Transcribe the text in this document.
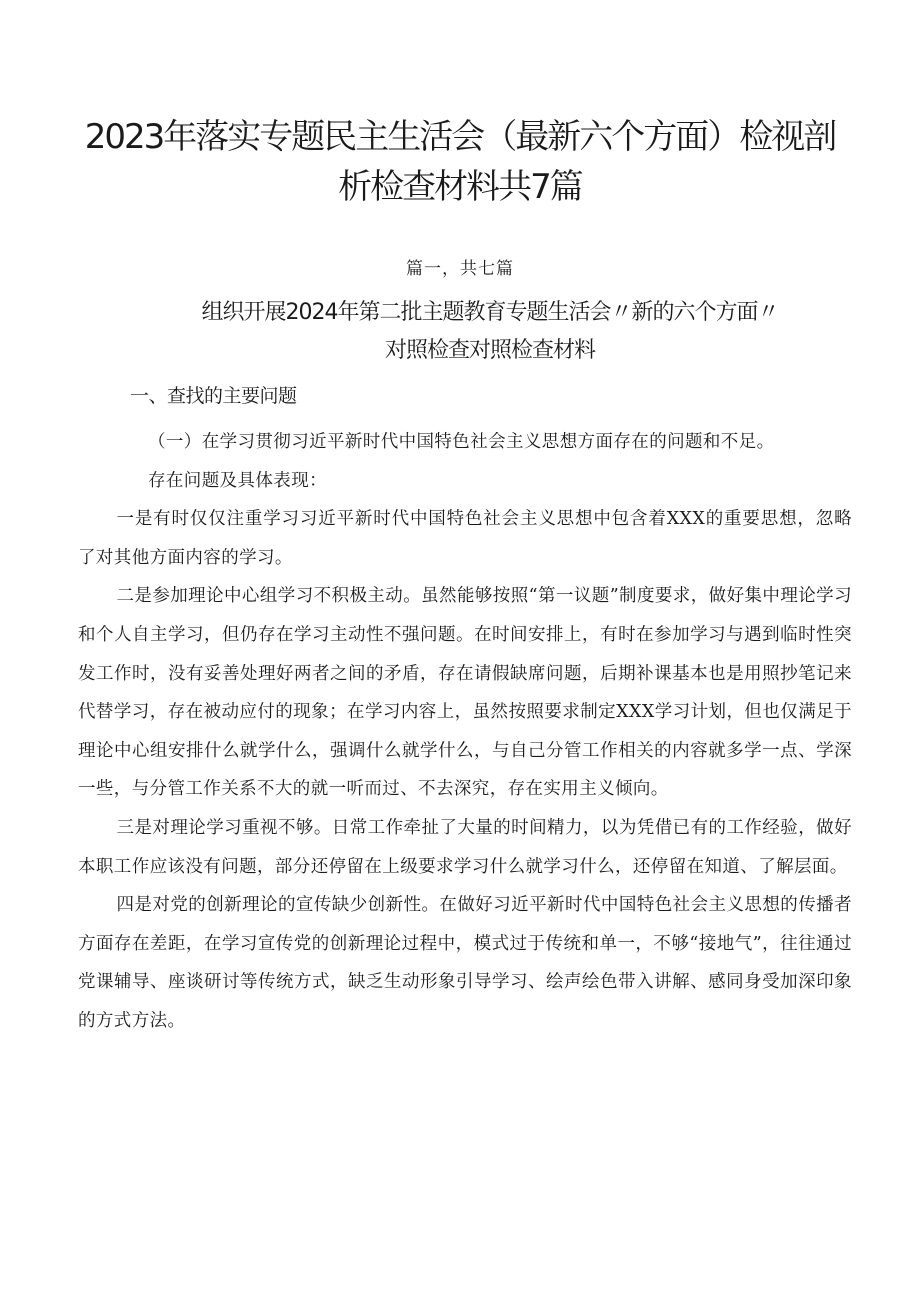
2023年落实专题民主生活会（最新六个方面）检视剖
析检查材料共7篇
篇一，共七篇
组织开展2024年第二批主题教育专题生活会〃新的六个方面〃
对照检查对照检查材料
一、查找的主要问题

（一）在学习贯彻习近平新时代中国特色社会主义思想方面存在的问题和不足。

存在问题及具体表现：

一是有时仅仅注重学习习近平新时代中国特色社会主义思想中包含着XXX的重要思想，忽略了对其他方面内容的学习。

二是参加理论中心组学习不积极主动。虽然能够按照“第一议题”制度要求，做好集中理论学习和个人自主学习，但仍存在学习主动性不强问题。在时间安排上，有时在参加学习与遇到临时性突发工作时，没有妥善处理好两者之间的矛盾，存在请假缺席问题，后期补课基本也是用照抄笔记来代替学习，存在被动应付的现象；在学习内容上，虽然按照要求制定XXX学习计划，但也仅满足于理论中心组安排什么就学什么，强调什么就学什么，与自己分管工作相关的内容就多学一点、学深一些，与分管工作关系不大的就一听而过、不去深究，存在实用主义倾向。

三是对理论学习重视不够。日常工作牵扯了大量的时间精力，以为凭借已有的工作经验，做好本职工作应该没有问题，部分还停留在上级要求学习什么就学习什么，还停留在知道、了解层面。

四是对党的创新理论的宣传缺少创新性。在做好习近平新时代中国特色社会主义思想的传播者方面存在差距，在学习宣传党的创新理论过程中，模式过于传统和单一，不够“接地气”，往往通过党课辅导、座谈研讨等传统方式，缺乏生动形象引导学习、绘声绘色带入讲解、感同身受加深印象的方式方法。
